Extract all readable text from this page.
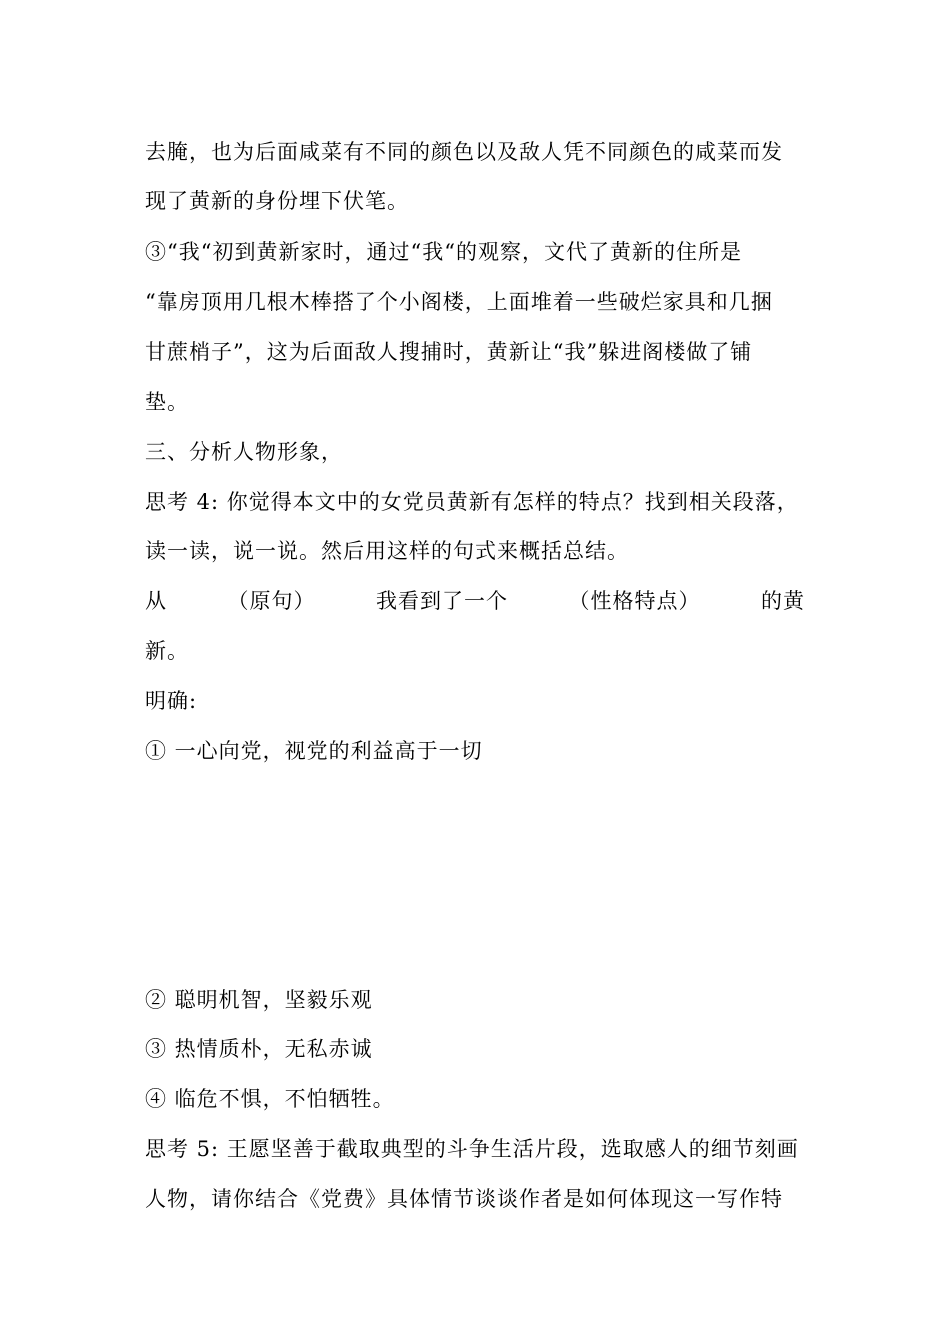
去腌，也为后面咸菜有不同的颜色以及敌人凭不同颜色的咸菜而发
现了黄新的身份埋下伏笔。
③“我“初到黄新家时，通过“我“的观察，文代了黄新的住所是
“靠房顶用几根木棒搭了个小阁楼，上面堆着一些破烂家具和几捆
甘蔗梢子”，这为后面敌人搜捕时，黄新让“我”躲进阁楼做了铺
垫。
三、分析人物形象，
思考 4: 你觉得本文中的女党员黄新有怎样的特点？找到相关段落，
读一读，说一说。然后用这样的句式来概括总结。
从	（原句）	我看到了一个	（性格特点）	的黄
新。
明确:
① 一心向党，视党的利益高于一切
② 聪明机智，坚毅乐观
③ 热情质朴，无私赤诚
④ 临危不惧，不怕牺牲。
思考 5: 王愿坚善于截取典型的斗争生活片段，选取感人的细节刻画
人物，请你结合《党费》具体情节谈谈作者是如何体现这一写作特
